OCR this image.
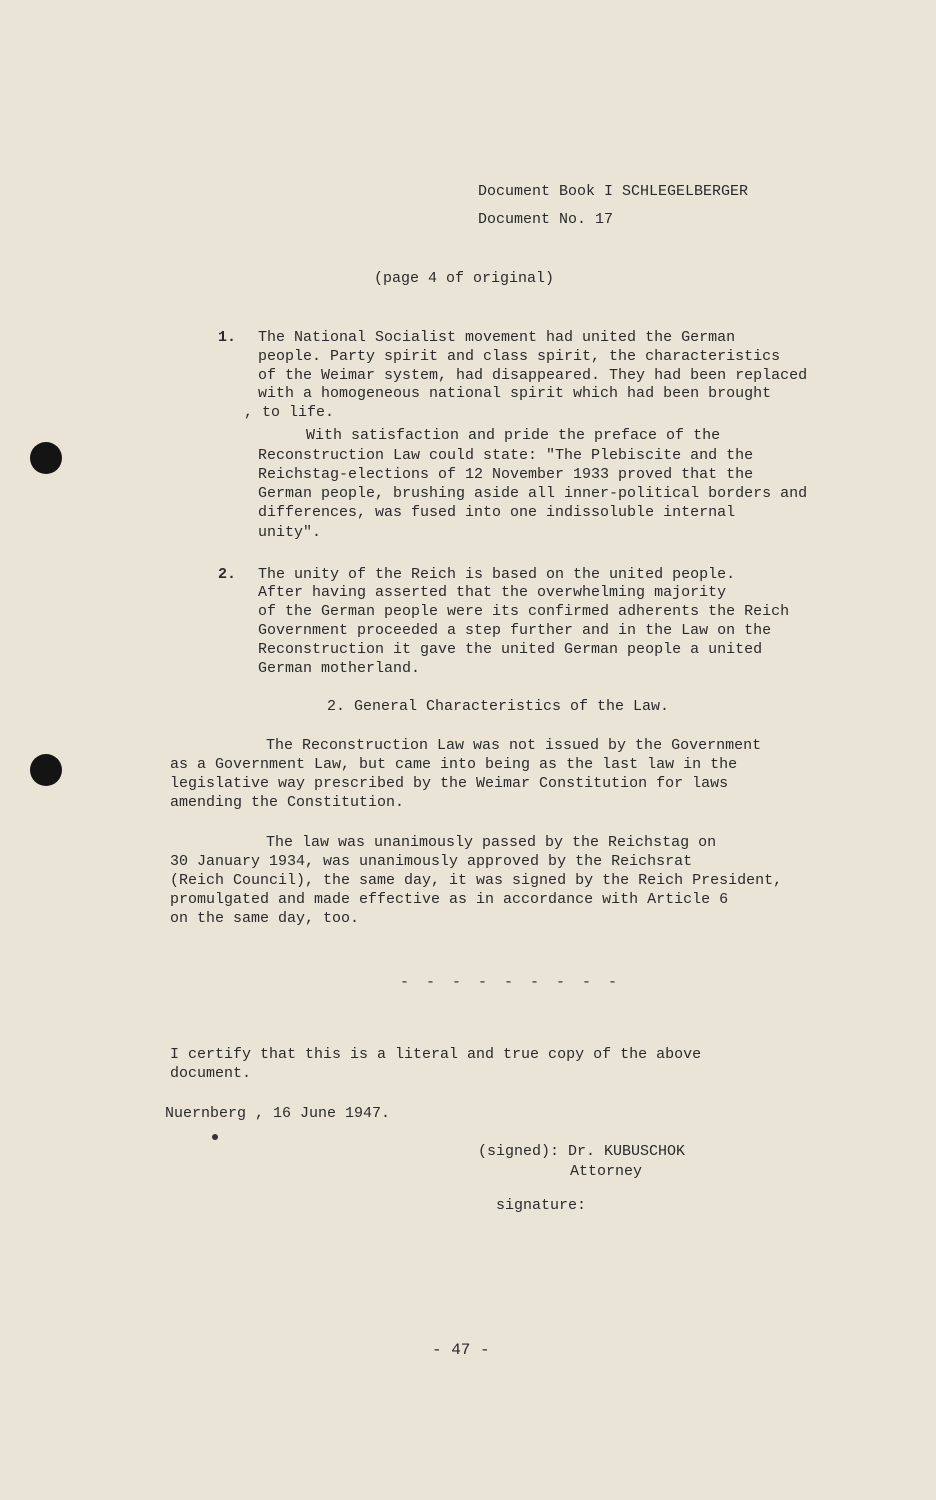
Document Book I SCHLEGELBERGER
Document No. 17
(page 4 of original)
1. The National Socialist movement had united the German
people. Party spirit and class spirit, the characteristics
of the Weimar system, had disappeared. They had been replaced
with a homogeneous national spirit which had been brought
, to life.
With satisfaction and pride the preface of the
Reconstruction Law could state: "The Plebiscite and the
Reichstag-elections of 12 November 1933 proved that the
German people, brushing aside all inner-political borders and
differences, was fused into one indissoluble internal
unity".
2. The unity of the Reich is based on the united people.
After having asserted that the overwhelming majority
of the German people were its confirmed adherents the Reich
Government proceeded a step further and in the Law on the
Reconstruction it gave the united German people a united
German motherland.
2. General Characteristics of the Law.
The Reconstruction Law was not issued by the Government
as a Government Law, but came into being as the last law in the
legislative way prescribed by the Weimar Constitution for laws
amending the Constitution.
The law was unanimously passed by the Reichstag on
30 January 1934, was unanimously approved by the Reichsrat
(Reich Council), the same day, it was signed by the Reich President,
promulgated and made effective as in accordance with Article 6
on the same day, too.
- - - - - - - - -
I certify that this is a literal and true copy of the above
document.
Nuernberg , 16 June 1947.
(signed): Dr. KUBUSCHOK
Attorney
signature:
- 47 -
